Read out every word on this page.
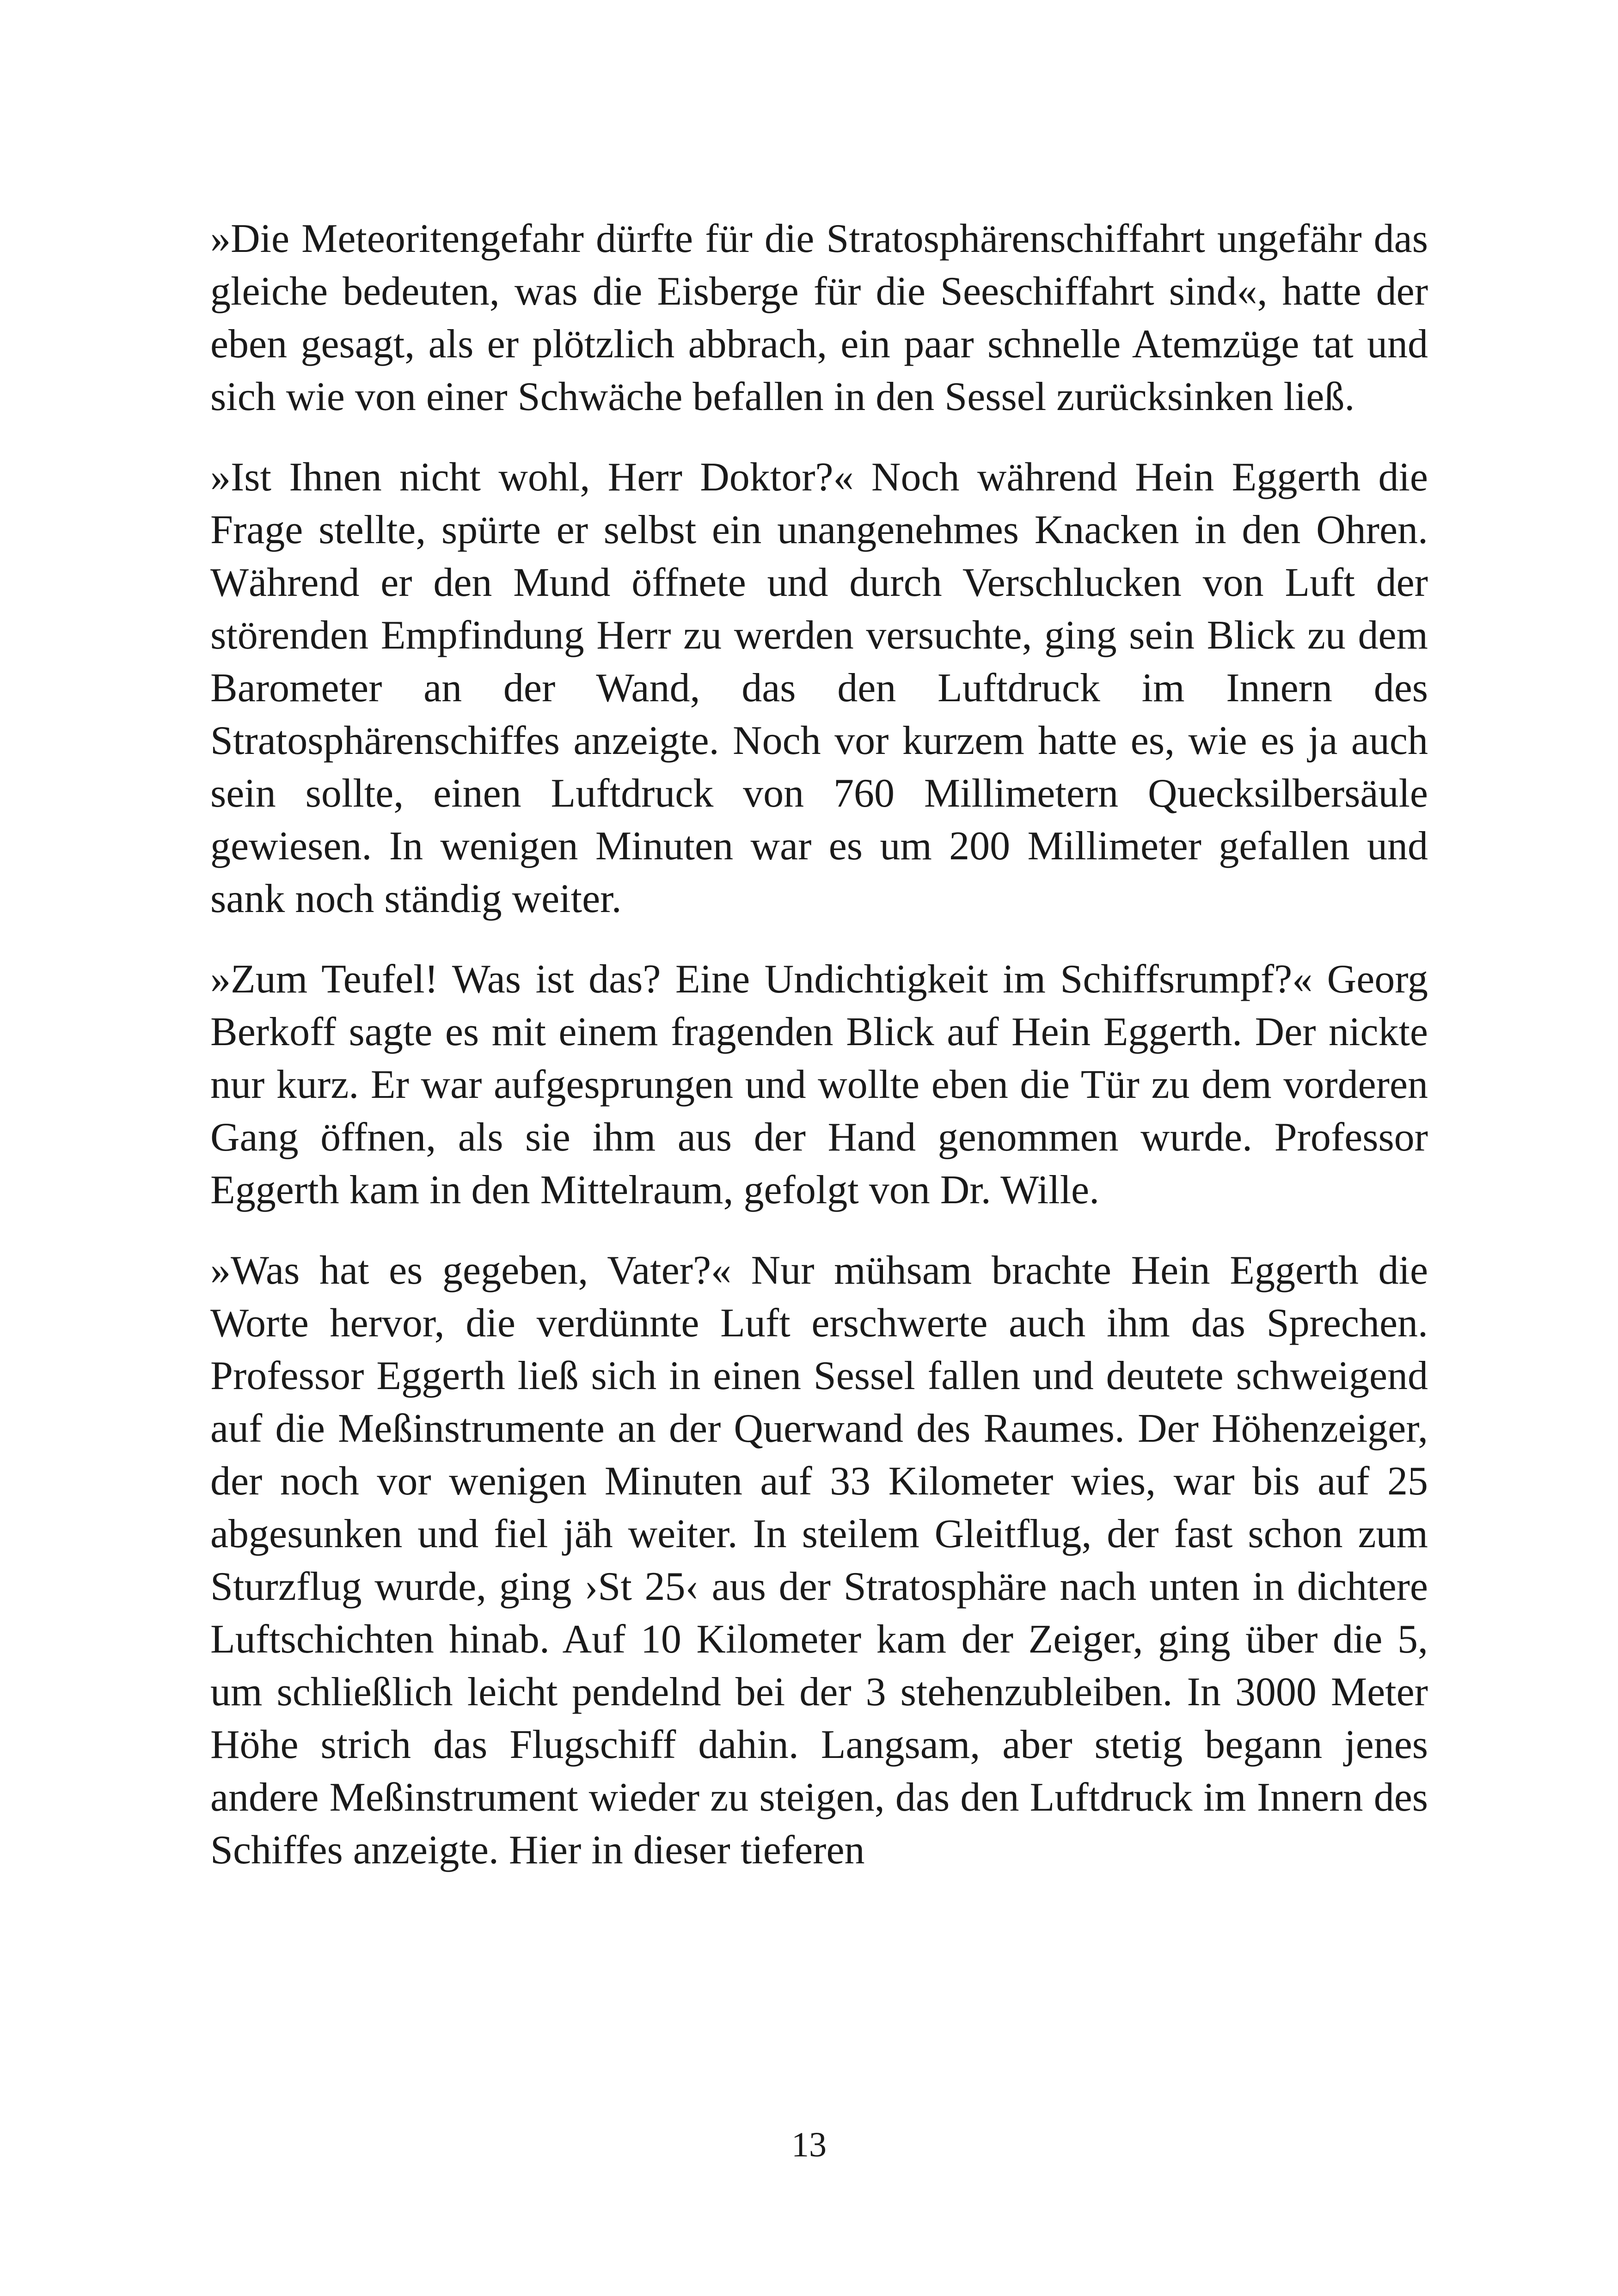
»Die Meteoritengefahr dürfte für die Stratosphärenschiffahrt ungefähr das gleiche bedeuten, was die Eisberge für die Seeschiffahrt sind«, hatte der eben gesagt, als er plötzlich abbrach, ein paar schnelle Atemzüge tat und sich wie von einer Schwäche befallen in den Sessel zurücksinken ließ.

»Ist Ihnen nicht wohl, Herr Doktor?« Noch während Hein Eggerth die Frage stellte, spürte er selbst ein unangenehmes Knacken in den Ohren. Während er den Mund öffnete und durch Verschlucken von Luft der störenden Empfindung Herr zu werden versuchte, ging sein Blick zu dem Barometer an der Wand, das den Luftdruck im Innern des Stratosphärenschiffes anzeigte. Noch vor kurzem hatte es, wie es ja auch sein sollte, einen Luftdruck von 760 Millimetern Quecksilbersäule gewiesen. In wenigen Minuten war es um 200 Millimeter gefallen und sank noch ständig weiter.

»Zum Teufel! Was ist das? Eine Undichtigkeit im Schiffsrumpf?« Georg Berkoff sagte es mit einem fragenden Blick auf Hein Eggerth. Der nickte nur kurz. Er war aufgesprungen und wollte eben die Tür zu dem vorderen Gang öffnen, als sie ihm aus der Hand genommen wurde. Professor Eggerth kam in den Mittelraum, gefolgt von Dr. Wille.

»Was hat es gegeben, Vater?« Nur mühsam brachte Hein Eggerth die Worte hervor, die verdünnte Luft erschwerte auch ihm das Sprechen. Professor Eggerth ließ sich in einen Sessel fallen und deutete schweigend auf die Meßinstrumente an der Querwand des Raumes. Der Höhenzeiger, der noch vor wenigen Minuten auf 33 Kilometer wies, war bis auf 25 abgesunken und fiel jäh weiter. In steilem Gleitflug, der fast schon zum Sturzflug wurde, ging ›St 25‹ aus der Stratosphäre nach unten in dichtere Luftschichten hinab. Auf 10 Kilometer kam der Zeiger, ging über die 5, um schließlich leicht pendelnd bei der 3 stehenzubleiben. In 3000 Meter Höhe strich das Flugschiff dahin. Langsam, aber stetig begann jenes andere Meßinstrument wieder zu steigen, das den Luftdruck im Innern des Schiffes anzeigte. Hier in dieser tieferen

13
